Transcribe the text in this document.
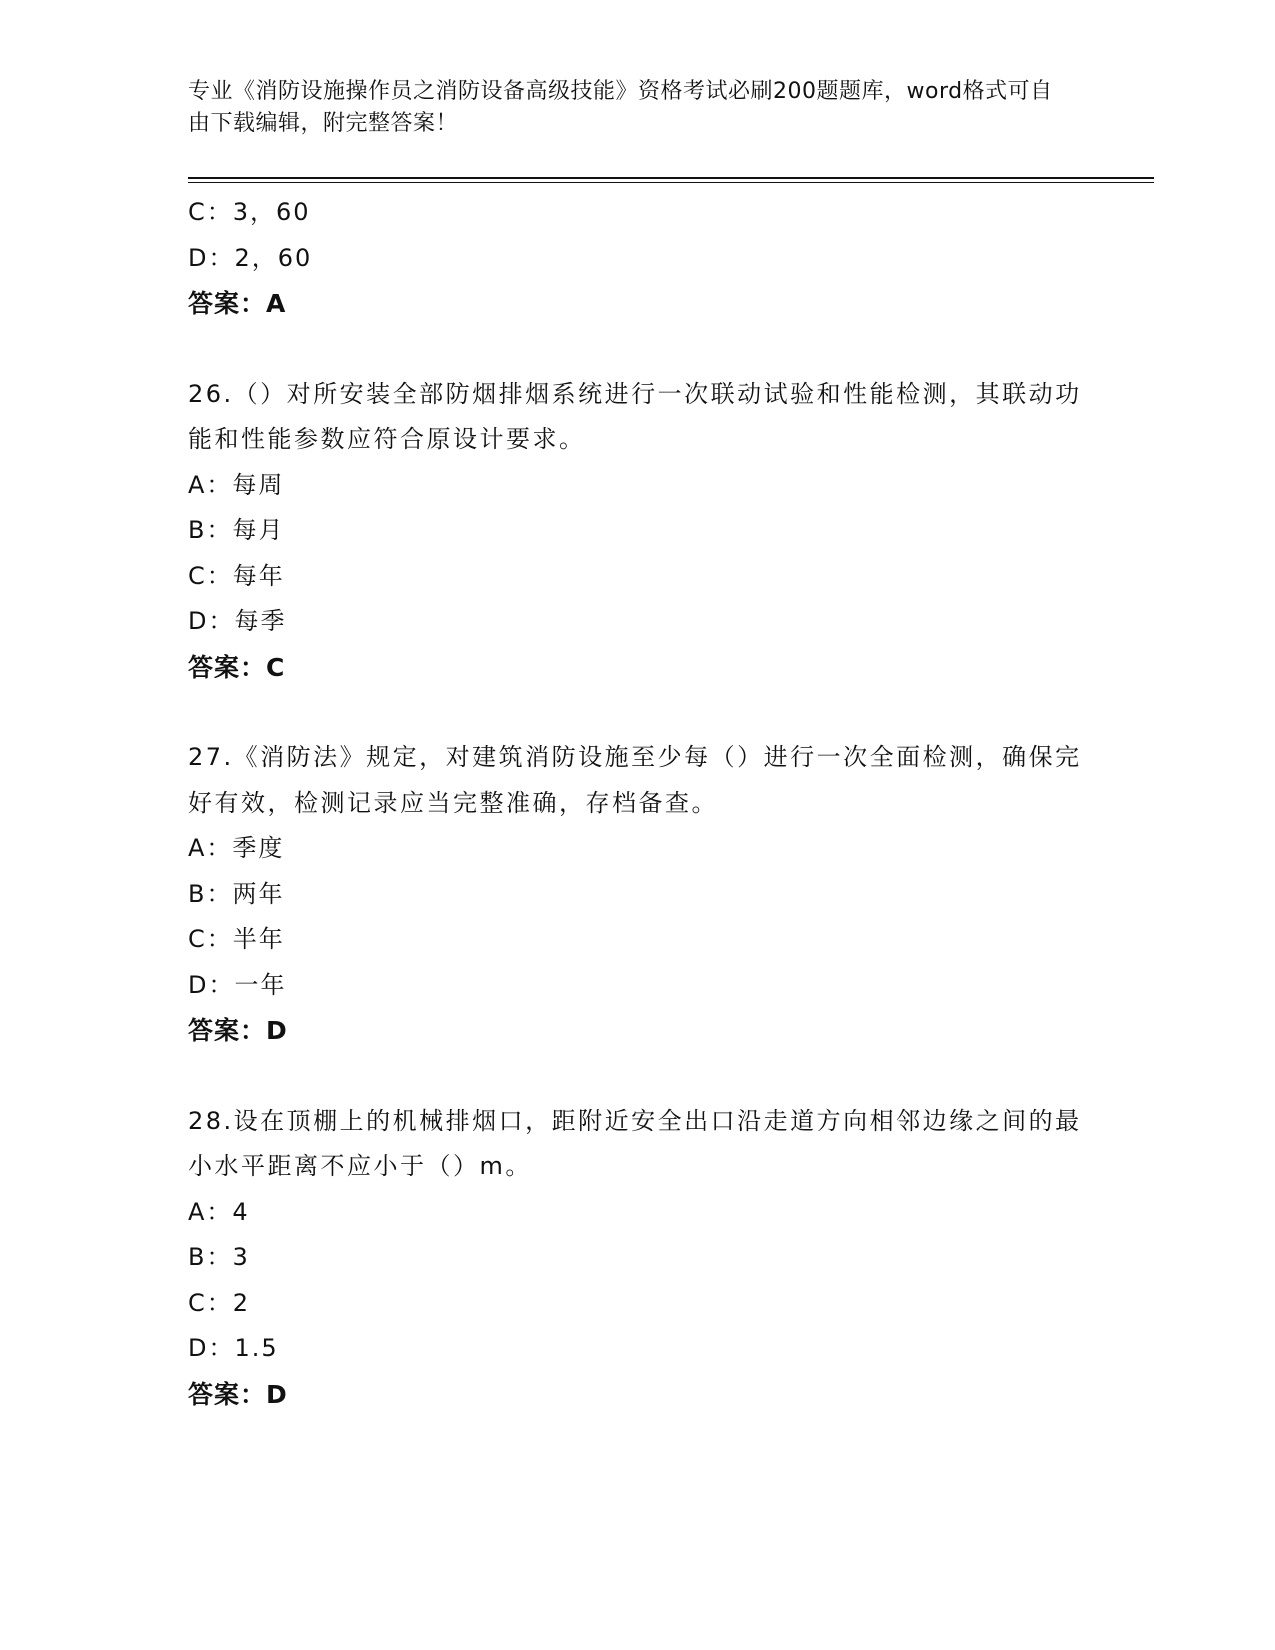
专业《消防设施操作员之消防设备高级技能》资格考试必刷200题题库，word格式可自由下载编辑，附完整答案！
C：3，60
D：2，60
答案：A
26.（）对所安装全部防烟排烟系统进行一次联动试验和性能检测，其联动功能和性能参数应符合原设计要求。
A：每周
B：每月
C：每年
D：每季
答案：C
27.《消防法》规定，对建筑消防设施至少每（）进行一次全面检测，确保完好有效，检测记录应当完整准确，存档备查。
A：季度
B：两年
C：半年
D：一年
答案：D
28.设在顶棚上的机械排烟口，距附近安全出口沿走道方向相邻边缘之间的最小水平距离不应小于（）m。
A：4
B：3
C：2
D：1.5
答案：D
